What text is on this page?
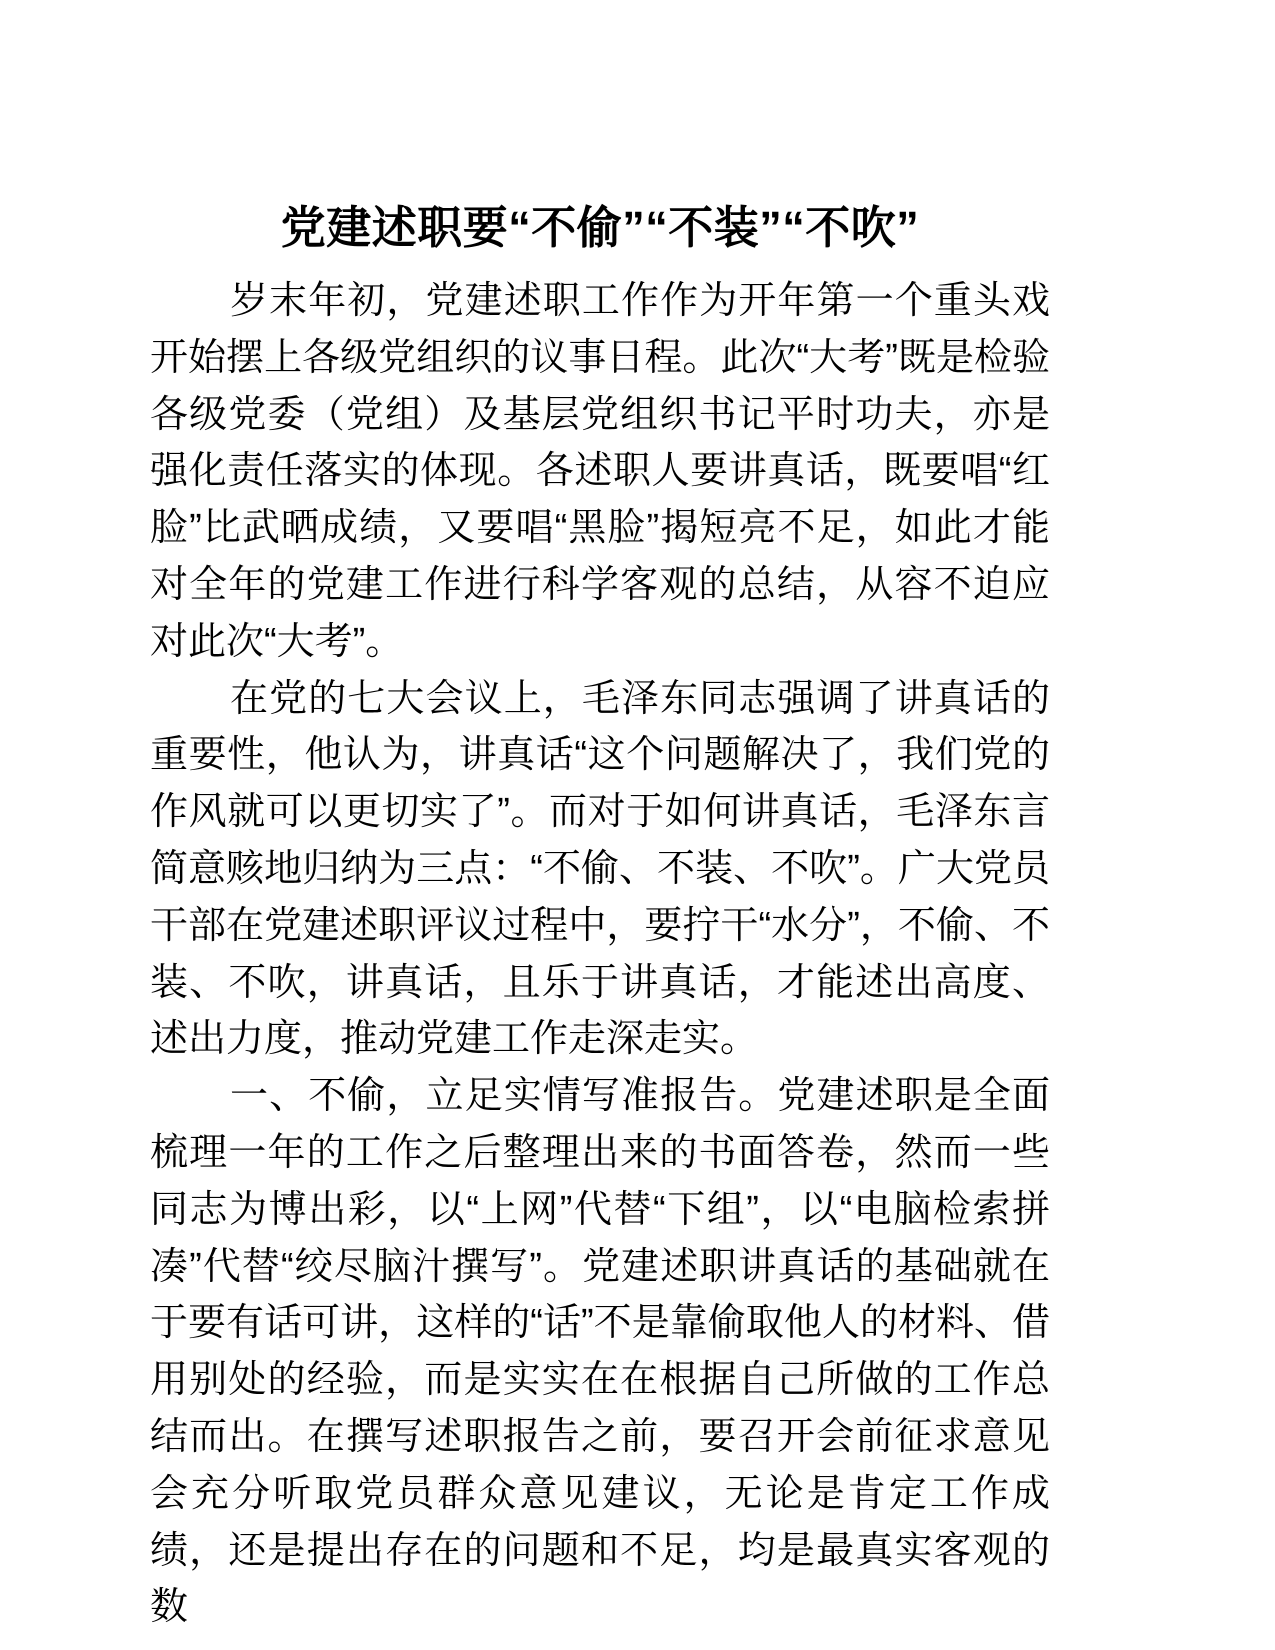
党建述职要“不偷”“不装”“不吹”

岁末年初，党建述职工作作为开年第一个重头戏开始摆上各级党组织的议事日程。此次“大考”既是检验各级党委（党组）及基层党组织书记平时功夫，亦是强化责任落实的体现。各述职人要讲真话，既要唱“红脸”比武晒成绩，又要唱“黑脸”揭短亮不足，如此才能对全年的党建工作进行科学客观的总结，从容不迫应对此次“大考”。

在党的七大会议上，毛泽东同志强调了讲真话的重要性，他认为，讲真话“这个问题解决了，我们党的作风就可以更切实了”。而对于如何讲真话，毛泽东言简意赅地归纳为三点：“不偷、不装、不吹”。广大党员干部在党建述职评议过程中，要拧干“水分”，不偷、不装、不吹，讲真话，且乐于讲真话，才能述出高度、述出力度，推动党建工作走深走实。

一、不偷，立足实情写准报告。党建述职是全面梳理一年的工作之后整理出来的书面答卷，然而一些同志为博出彩，以“上网”代替“下组”，以“电脑检索拼凑”代替“绞尽脑汁撰写”。党建述职讲真话的基础就在于要有话可讲，这样的“话”不是靠偷取他人的材料、借用别处的经验，而是实实在在根据自己所做的工作总结而出。在撰写述职报告之前，要召开会前征求意见会充分听取党员群众意见建议，无论是肯定工作成绩，还是提出存在的问题和不足，均是最真实客观的数
